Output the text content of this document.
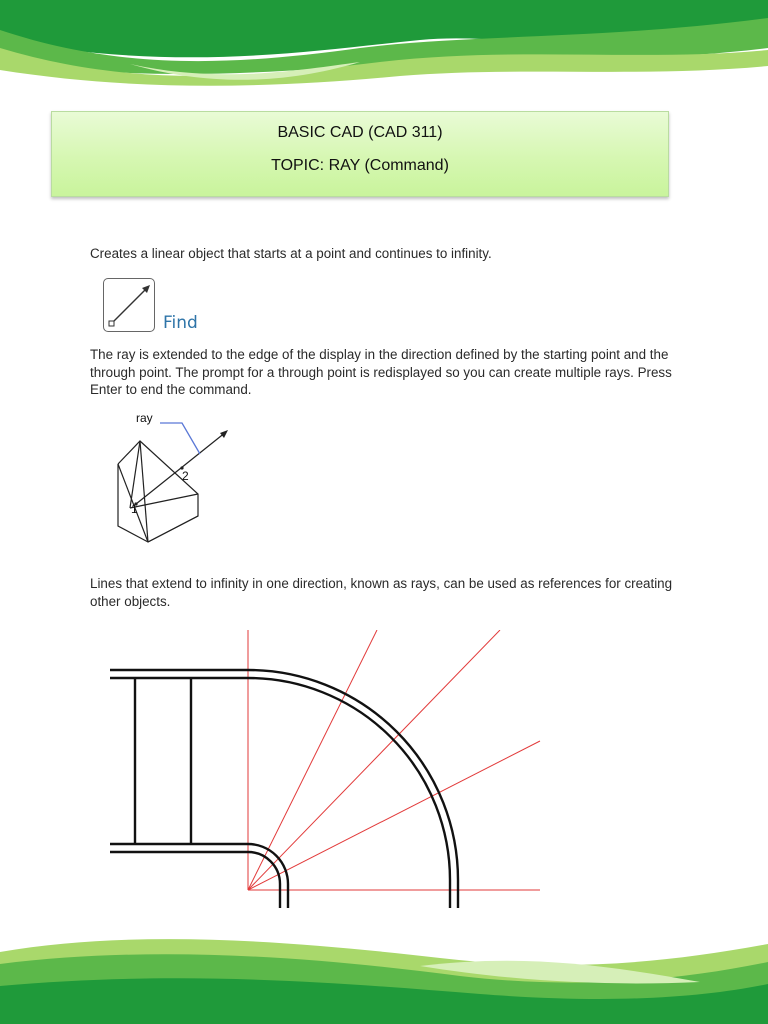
BASIC CAD (CAD 311)
TOPIC: RAY (Command)

Creates a linear object that starts at a point and continues to infinity.

Find

The ray is extended to the edge of the display in the direction defined by the starting point and the through point. The prompt for a through point is redisplayed so you can create multiple rays. Press Enter to end the command.

ray
2
1

Lines that extend to infinity in one direction, known as rays, can be used as references for creating other objects.
